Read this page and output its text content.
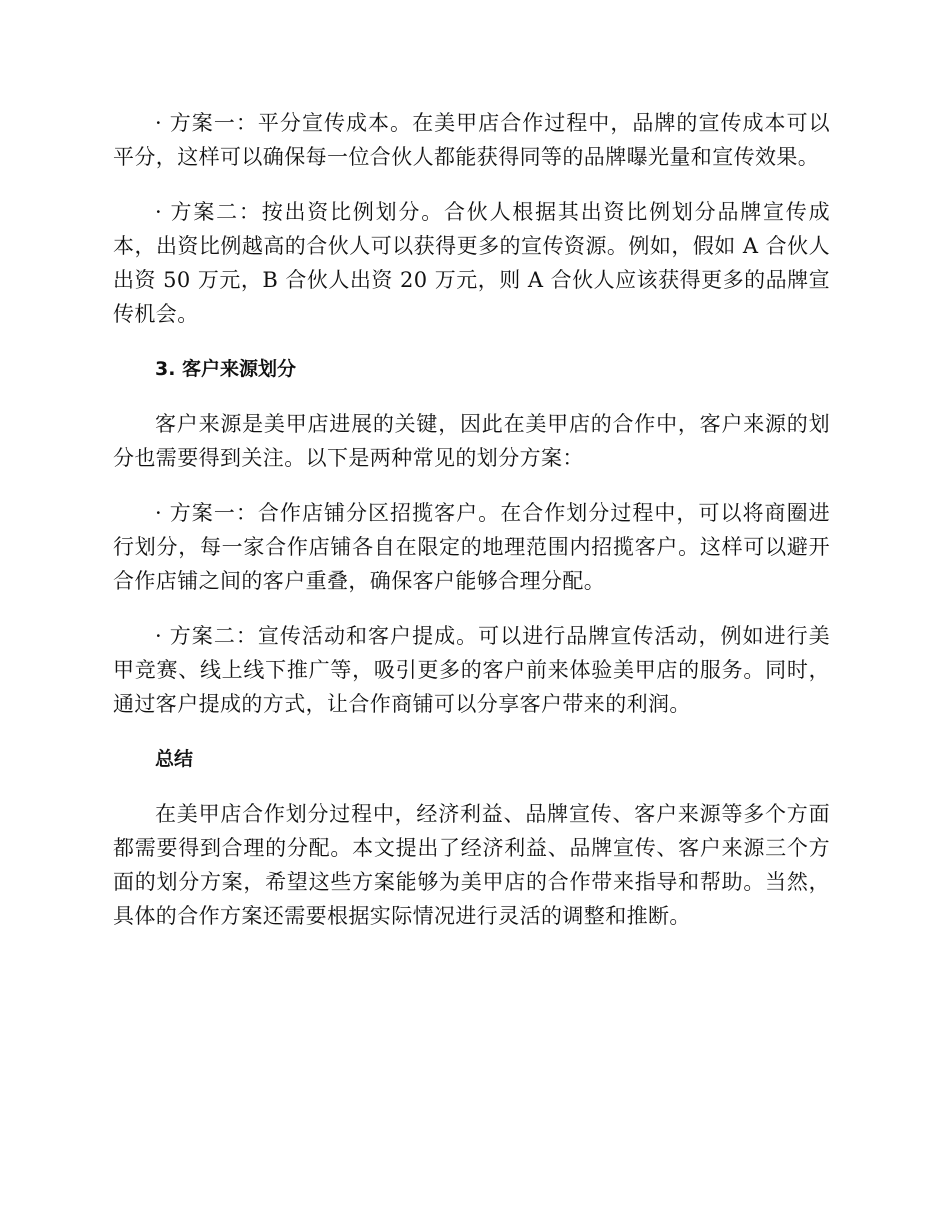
· 方案一：平分宣传成本。在美甲店合作过程中，品牌的宣传成本可以平分，这样可以确保每一位合伙人都能获得同等的品牌曝光量和宣传效果。

· 方案二：按出资比例划分。合伙人根据其出资比例划分品牌宣传成本，出资比例越高的合伙人可以获得更多的宣传资源。例如，假如 A 合伙人出资 50 万元，B 合伙人出资 20 万元，则 A 合伙人应该获得更多的品牌宣传机会。

3. 客户来源划分

客户来源是美甲店进展的关键，因此在美甲店的合作中，客户来源的划分也需要得到关注。以下是两种常见的划分方案：

· 方案一：合作店铺分区招揽客户。在合作划分过程中，可以将商圈进行划分，每一家合作店铺各自在限定的地理范围内招揽客户。这样可以避开合作店铺之间的客户重叠，确保客户能够合理分配。

· 方案二：宣传活动和客户提成。可以进行品牌宣传活动，例如进行美甲竞赛、线上线下推广等，吸引更多的客户前来体验美甲店的服务。同时，通过客户提成的方式，让合作商铺可以分享客户带来的利润。

总结

在美甲店合作划分过程中，经济利益、品牌宣传、客户来源等多个方面都需要得到合理的分配。本文提出了经济利益、品牌宣传、客户来源三个方面的划分方案，希望这些方案能够为美甲店的合作带来指导和帮助。当然，具体的合作方案还需要根据实际情况进行灵活的调整和推断。
